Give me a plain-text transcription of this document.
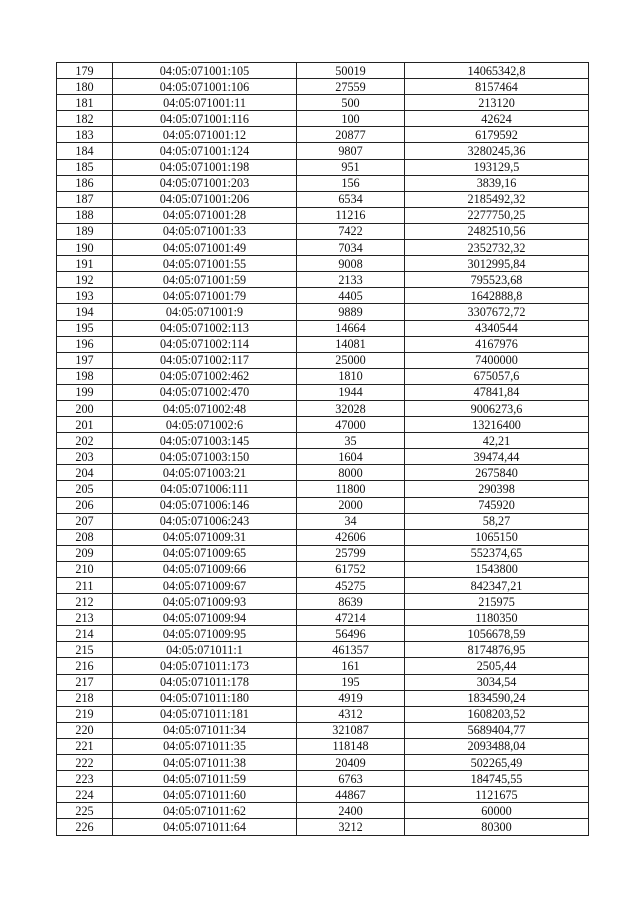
179	04:05:071001:105	50019	14065342,8
180	04:05:071001:106	27559	8157464
181	04:05:071001:11	500	213120
182	04:05:071001:116	100	42624
183	04:05:071001:12	20877	6179592
184	04:05:071001:124	9807	3280245,36
185	04:05:071001:198	951	193129,5
186	04:05:071001:203	156	3839,16
187	04:05:071001:206	6534	2185492,32
188	04:05:071001:28	11216	2277750,25
189	04:05:071001:33	7422	2482510,56
190	04:05:071001:49	7034	2352732,32
191	04:05:071001:55	9008	3012995,84
192	04:05:071001:59	2133	795523,68
193	04:05:071001:79	4405	1642888,8
194	04:05:071001:9	9889	3307672,72
195	04:05:071002:113	14664	4340544
196	04:05:071002:114	14081	4167976
197	04:05:071002:117	25000	7400000
198	04:05:071002:462	1810	675057,6
199	04:05:071002:470	1944	47841,84
200	04:05:071002:48	32028	9006273,6
201	04:05:071002:6	47000	13216400
202	04:05:071003:145	35	42,21
203	04:05:071003:150	1604	39474,44
204	04:05:071003:21	8000	2675840
205	04:05:071006:111	11800	290398
206	04:05:071006:146	2000	745920
207	04:05:071006:243	34	58,27
208	04:05:071009:31	42606	1065150
209	04:05:071009:65	25799	552374,65
210	04:05:071009:66	61752	1543800
211	04:05:071009:67	45275	842347,21
212	04:05:071009:93	8639	215975
213	04:05:071009:94	47214	1180350
214	04:05:071009:95	56496	1056678,59
215	04:05:071011:1	461357	8174876,95
216	04:05:071011:173	161	2505,44
217	04:05:071011:178	195	3034,54
218	04:05:071011:180	4919	1834590,24
219	04:05:071011:181	4312	1608203,52
220	04:05:071011:34	321087	5689404,77
221	04:05:071011:35	118148	2093488,04
222	04:05:071011:38	20409	502265,49
223	04:05:071011:59	6763	184745,55
224	04:05:071011:60	44867	1121675
225	04:05:071011:62	2400	60000
226	04:05:071011:64	3212	80300
